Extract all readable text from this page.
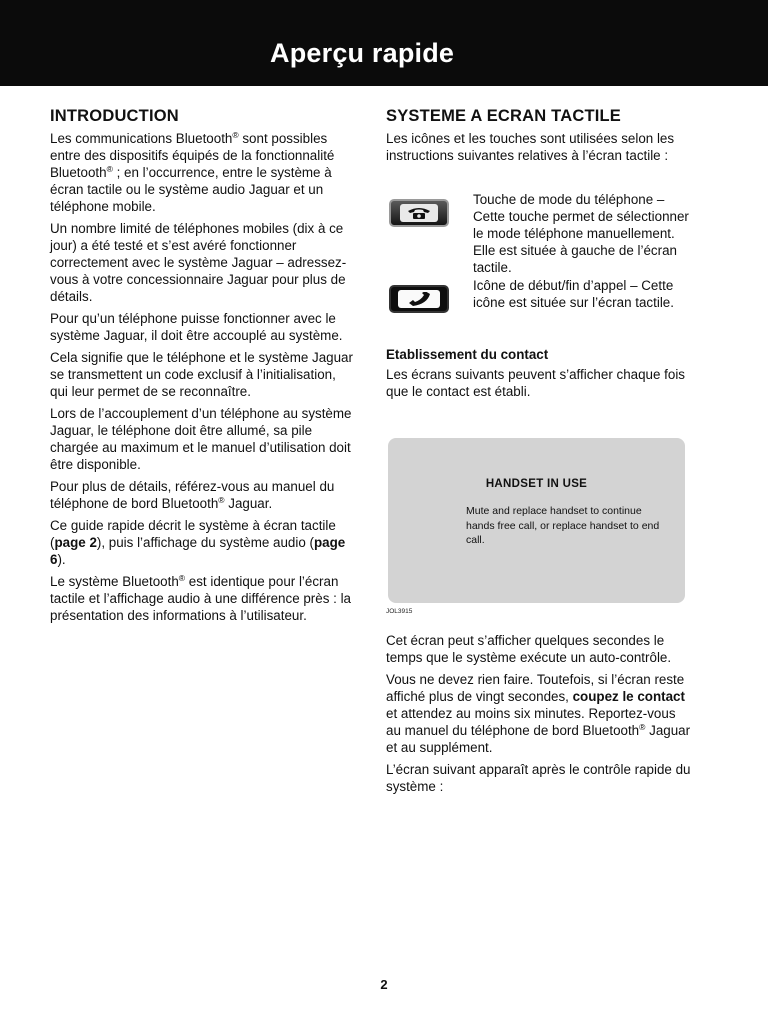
Aperçu rapide
INTRODUCTION

Les communications Bluetooth® sont possibles entre des dispositifs équipés de la fonctionnalité Bluetooth® ; en l’occurrence, entre le système à écran tactile ou le système audio Jaguar et un téléphone mobile.

Un nombre limité de téléphones mobiles (dix à ce jour) a été testé et s’est avéré fonctionner correctement avec le système Jaguar – adressez-vous à votre concessionnaire Jaguar pour plus de détails.

Pour qu’un téléphone puisse fonctionner avec le système Jaguar, il doit être accouplé au système.

Cela signifie que le téléphone et le système Jaguar se transmettent un code exclusif à l’initialisation, qui leur permet de se reconnaître.

Lors de l’accouplement d’un téléphone au système Jaguar, le téléphone doit être allumé, sa pile chargée au maximum et le manuel d’utilisation doit être disponible.

Pour plus de détails, référez-vous au manuel du téléphone de bord Bluetooth® Jaguar.

Ce guide rapide décrit le système à écran tactile (page 2), puis l’affichage du système audio (page 6).

Le système Bluetooth® est identique pour l’écran tactile et l’affichage audio à une différence près : la présentation des informations à l’utilisateur.

SYSTEME A ECRAN TACTILE

Les icônes et les touches sont utilisées selon les instructions suivantes relatives à l’écran tactile :

Touche de mode du téléphone – Cette touche permet de sélectionner le mode téléphone manuellement. Elle est située à gauche de l’écran tactile.
Icône de début/fin d’appel – Cette icône est située sur l’écran tactile.

Etablissement du contact

Les écrans suivants peuvent s’afficher chaque fois que le contact est établi.

HANDSET IN USE
Mute and replace handset to continue hands free call, or replace handset to end call.
JOL3915

Cet écran peut s’afficher quelques secondes le temps que le système exécute un auto-contrôle.

Vous ne devez rien faire. Toutefois, si l’écran reste affiché plus de vingt secondes, coupez le contact et attendez au moins six minutes. Reportez-vous au manuel du téléphone de bord Bluetooth® Jaguar et au supplément.

L’écran suivant apparaît après le contrôle rapide du système :

2
